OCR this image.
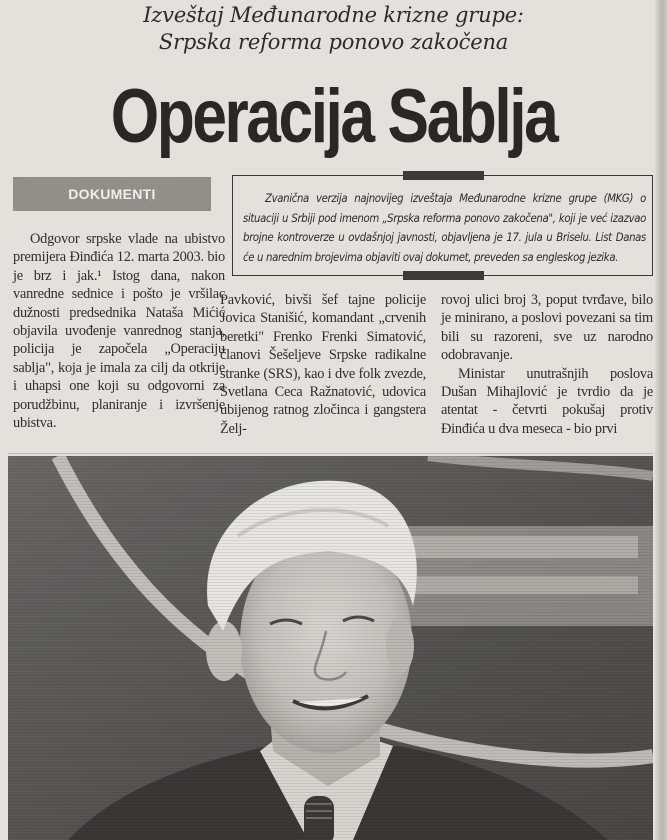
Izveštaj Međunarodne krizne grupe:
Srpska reforma ponovo zakočena
Operacija Sablja
DOKUMENTI	Zvanična verzija najnovijeg izveštaja Međunarodne krizne grupe (MKG) o situaciji u Srbiji pod imenom „Srpska reforma ponovo zakočena", koji je već izazvao brojne kontroverze u ovdašnjoj javnosti, objavljena je 17. jula u Briselu. List Danas će u narednim brojevima objaviti ovaj dokumet, preveden sa engleskog jezika.

Odgovor srpske vlade na ubistvo premijera Đinđića 12. marta 2003. bio je brz i jak.¹ Istog dana, nakon vanredne sednice i pošto je vršilac dužnosti predsednika Nataša Mićić objavila uvođenje vanrednog stanja, policija je započela „Operaciju sablja", koja je imala za cilj da otkrije i uhapsi one koji su odgovorni za porudžbinu, planiranje i izvršenje ubistva.

Pavković, bivši šef tajne policije Jovica Stanišić, komandant „crvenih beretki" Frenko Frenki Simatović, članovi Šešeljeve Srpske radikalne stranke (SRS), kao i dve folk zvezde, Svetlana Ceca Ražnatović, udovica ubijenog ratnog zločinca i gangstera Želj-

rovoj ulici broj 3, poput tvrđave, bilo je minirano, a poslovi povezani sa tim bili su razoreni, sve uz narodno odobravanje.

Ministar unutrašnjih poslova Dušan Mihajlović je tvrdio da je atentat - četvrti pokušaj protiv Đinđića u dva meseca - bio prvi
